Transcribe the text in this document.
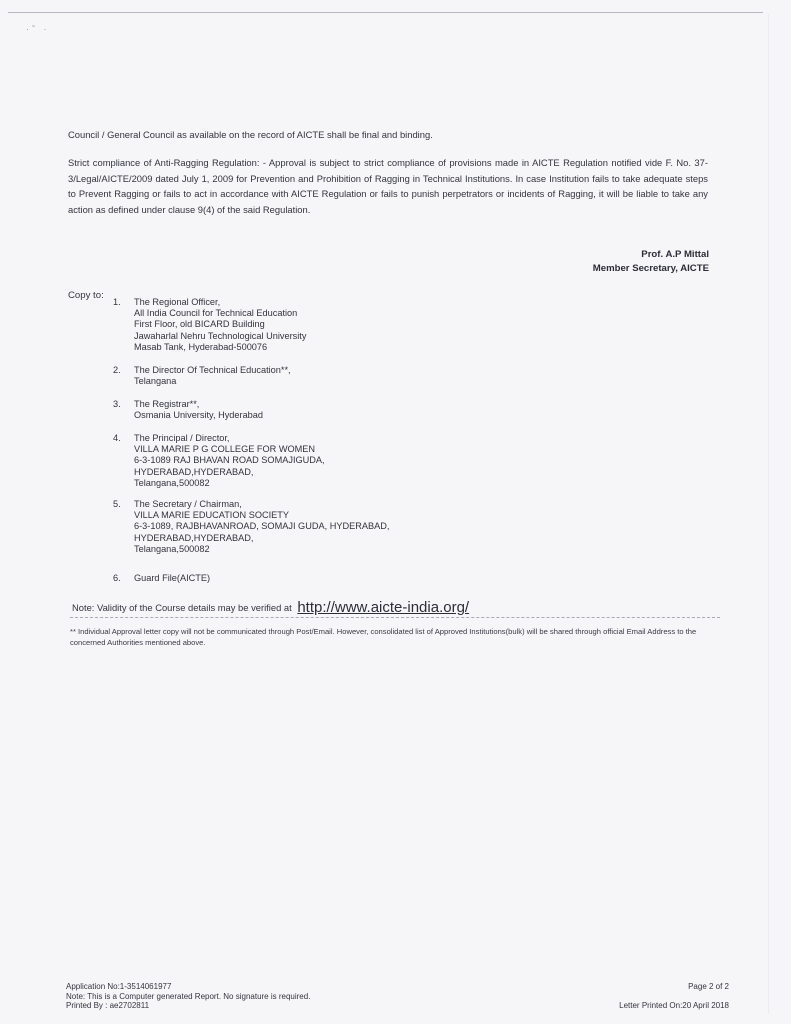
·˜ ·

Council / General Council as available on the record of AICTE shall be final and binding.

Strict compliance of Anti-Ragging Regulation: - Approval is subject to strict compliance of provisions made in AICTE Regulation notified vide F. No. 37-3/Legal/AICTE/2009 dated July 1, 2009 for Prevention and Prohibition of Ragging in Technical Institutions. In case Institution fails to take adequate steps to Prevent Ragging or fails to act in accordance with AICTE Regulation or fails to punish perpetrators or incidents of Ragging, it will be liable to take any action as defined under clause 9(4) of the said Regulation.

Prof. A.P Mittal
Member Secretary, AICTE
Copy to:
1.	The Regional Officer,
All India Council for Technical Education
First Floor, old BICARD Building
Jawaharlal Nehru Technological University
Masab Tank, Hyderabad-500076
2.	The Director Of Technical Education**,
Telangana
3.	The Registrar**,
Osmania University, Hyderabad
4.	The Principal / Director,
VILLA MARIE P G COLLEGE FOR WOMEN
6-3-1089 RAJ BHAVAN ROAD SOMAJIGUDA,
HYDERABAD,HYDERABAD,
Telangana,500082
5.	The Secretary / Chairman,
VILLA MARIE EDUCATION SOCIETY
6-3-1089, RAJBHAVANROAD, SOMAJI GUDA, HYDERABAD,
HYDERABAD,HYDERABAD,
Telangana,500082
6.	Guard File(AICTE)
Note: Validity of the Course details may be verified at http://www.aicte-india.org/
** Individual Approval letter copy will not be communicated through Post/Email. However, consolidated list of Approved Institutions(bulk) will be shared through official Email Address to the concerned Authorities mentioned above.
Application No:1-3514061977
Note: This is a Computer generated Report. No signature is required.
Printed By : ae2702811
Page 2 of 2
Letter Printed On:20 April 2018
